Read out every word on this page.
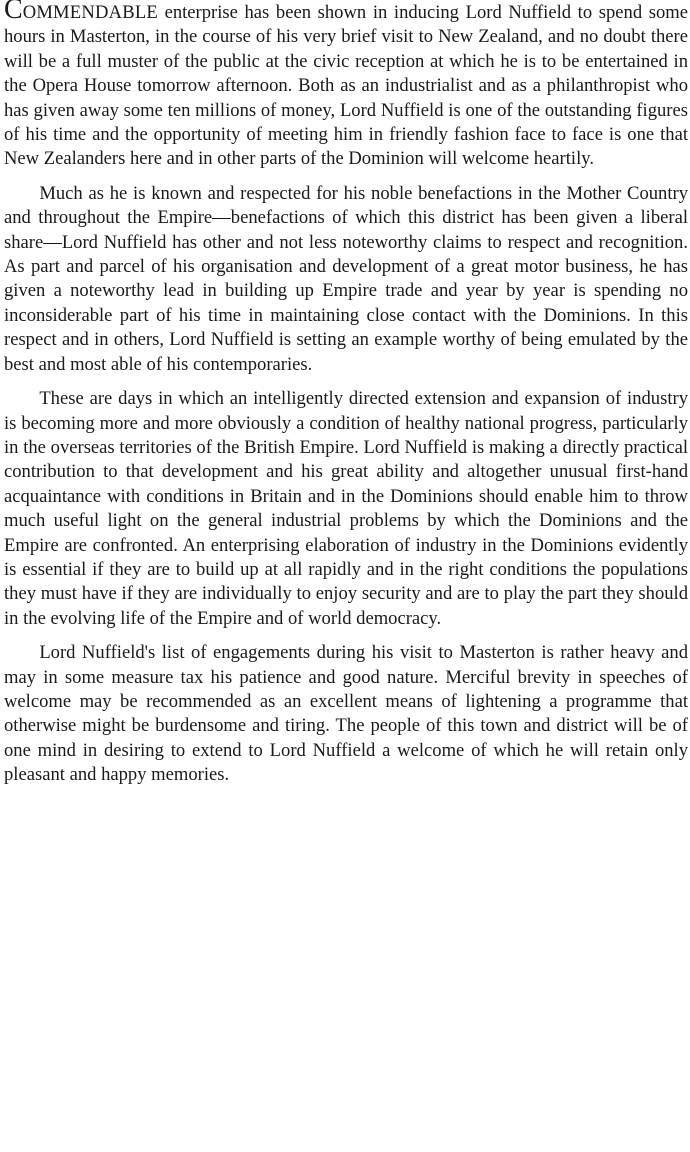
COMMENDABLE enterprise has been shown in inducing Lord Nuffield to spend some hours in Masterton, in the course of his very brief visit to New Zealand, and no doubt there will be a full muster of the public at the civic reception at which he is to be entertained in the Opera House tomorrow afternoon. Both as an industrialist and as a philanthropist who has given away some ten millions of money, Lord Nuffield is one of the outstanding figures of his time and the opportunity of meeting him in friendly fashion face to face is one that New Zealanders here and in other parts of the Dominion will welcome heartily.

Much as he is known and respected for his noble benefactions in the Mother Country and throughout the Empire—benefactions of which this district has been given a liberal share—Lord Nuffield has other and not less noteworthy claims to respect and recognition. As part and parcel of his organisation and development of a great motor business, he has given a noteworthy lead in building up Empire trade and year by year is spending no inconsiderable part of his time in maintaining close contact with the Dominions. In this respect and in others, Lord Nuffield is setting an example worthy of being emulated by the best and most able of his contemporaries.

These are days in which an intelligently directed extension and expansion of industry is becoming more and more obviously a condition of healthy national progress, particularly in the overseas territories of the British Empire. Lord Nuffield is making a directly practical contribution to that development and his great ability and altogether unusual first-hand acquaintance with conditions in Britain and in the Dominions should enable him to throw much useful light on the general industrial problems by which the Dominions and the Empire are confronted. An enterprising elaboration of industry in the Dominions evidently is essential if they are to build up at all rapidly and in the right conditions the populations they must have if they are individually to enjoy security and are to play the part they should in the evolving life of the Empire and of world democracy.

Lord Nuffield's list of engagements during his visit to Masterton is rather heavy and may in some measure tax his patience and good nature. Merciful brevity in speeches of welcome may be recommended as an excellent means of lightening a programme that otherwise might be burdensome and tiring. The people of this town and district will be of one mind in desiring to extend to Lord Nuffield a welcome of which he will retain only pleasant and happy memories.
